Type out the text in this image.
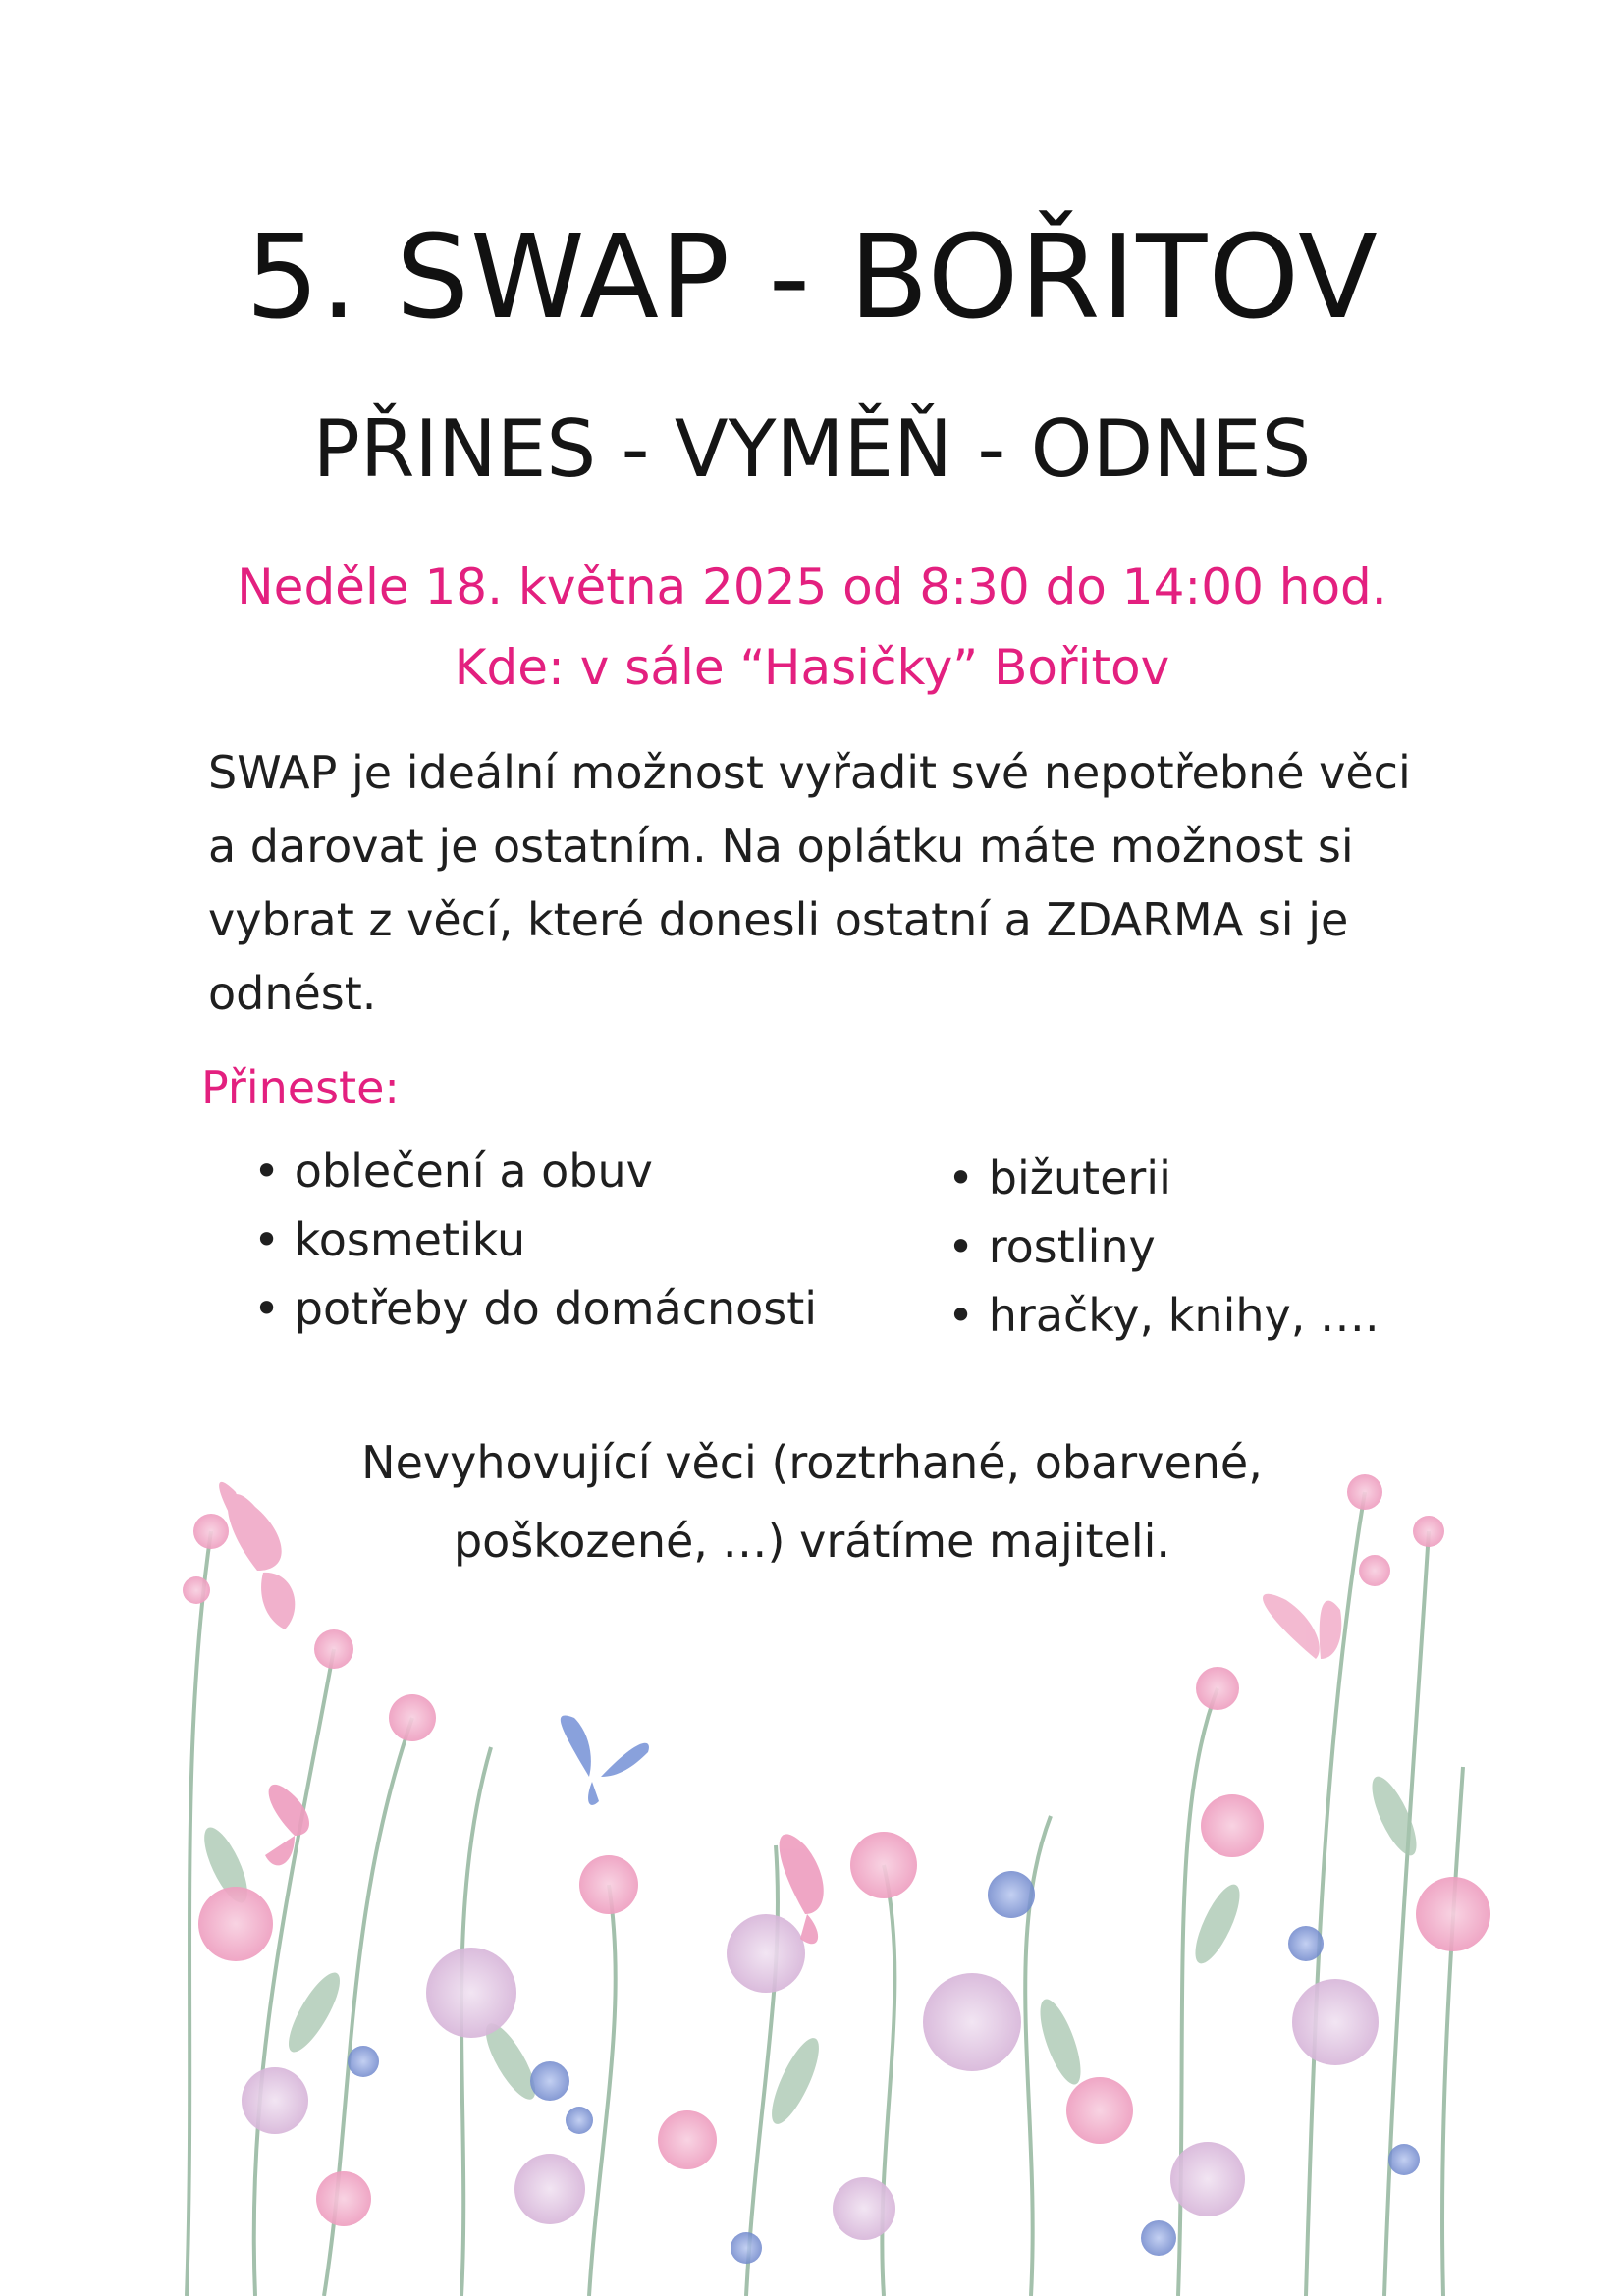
5. SWAP - BOŘITOV
PŘINES - VYMĚŇ - ODNES
Neděle 18. května 2025 od 8:30 do 14:00 hod.
Kde: v sále “Hasičky” Bořitov
SWAP je ideální možnost vyřadit své nepotřebné věci a darovat je ostatním. Na oplátku máte možnost si vybrat z věcí, které donesli ostatní a ZDARMA si je odnést.
Přineste:
• oblečení a obuv
• kosmetiku
• potřeby do domácnosti
• bižuterii
• rostliny
• hračky, knihy, ….
Nevyhovující věci (roztrhané, obarvené,
poškozené, …) vrátíme majiteli.
